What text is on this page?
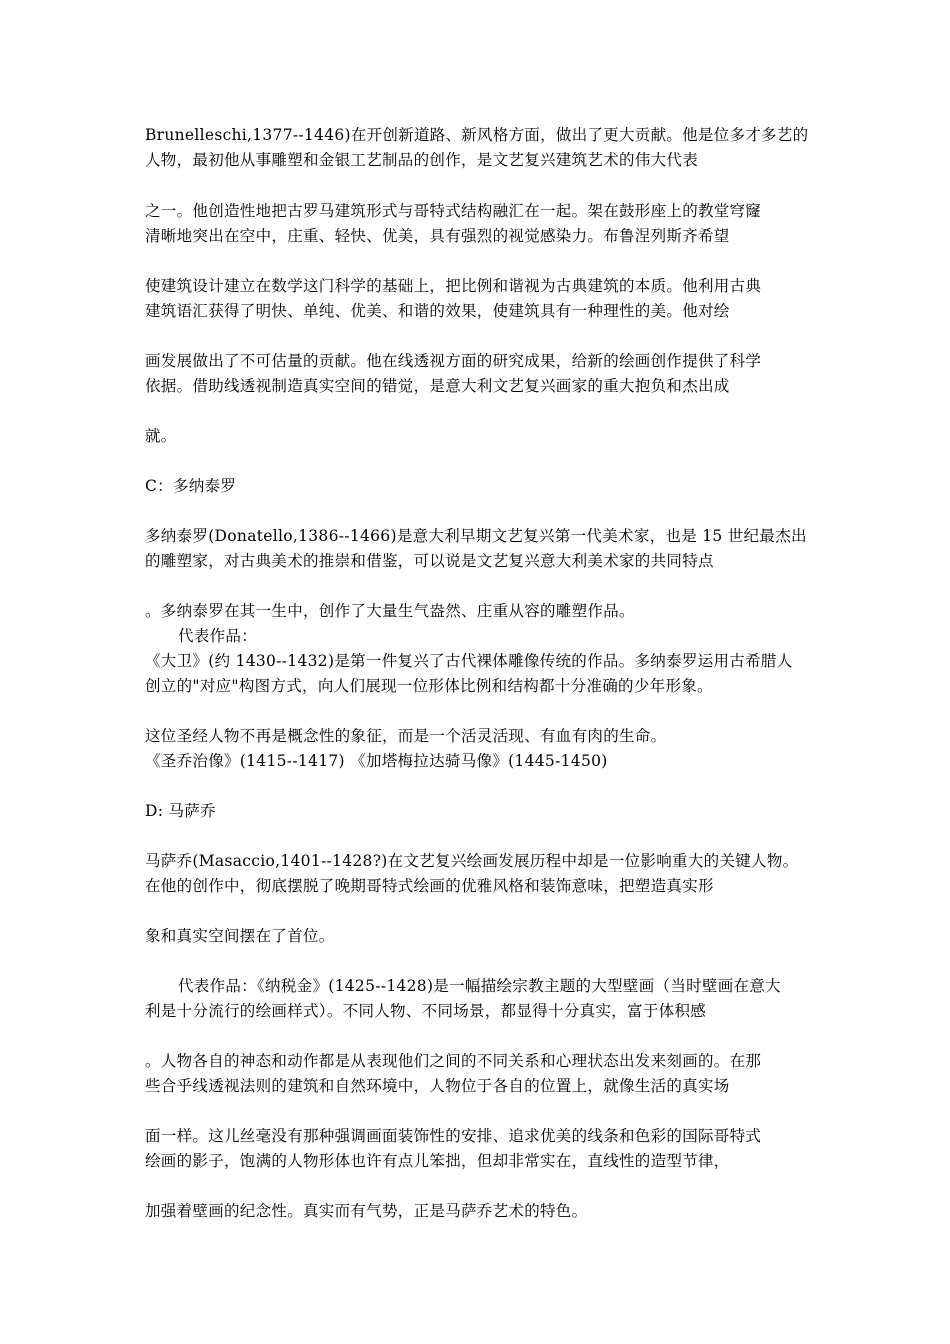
Brunelleschi,1377--1446)在开创新道路、新风格方面，做出了更大贡献。他是位多才多艺的
人物，最初他从事雕塑和金银工艺制品的创作，是文艺复兴建筑艺术的伟大代表
之一。他创造性地把古罗马建筑形式与哥特式结构融汇在一起。架在鼓形座上的教堂穹窿
清晰地突出在空中，庄重、轻快、优美，具有强烈的视觉感染力。布鲁涅列斯齐希望
使建筑设计建立在数学这门科学的基础上，把比例和谐视为古典建筑的本质。他利用古典
建筑语汇获得了明快、单纯、优美、和谐的效果，使建筑具有一种理性的美。他对绘
画发展做出了不可估量的贡献。他在线透视方面的研究成果，给新的绘画创作提供了科学
依据。借助线透视制造真实空间的错觉，是意大利文艺复兴画家的重大抱负和杰出成
就。
C：多纳泰罗
多纳泰罗(Donatello,1386--1466)是意大利早期文艺复兴第一代美术家，也是 15 世纪最杰出
的雕塑家，对古典美术的推崇和借鉴，可以说是文艺复兴意大利美术家的共同特点
。多纳泰罗在其一生中，创作了大量生气盎然、庄重从容的雕塑作品。
代表作品：
《大卫》(约 1430--1432)是第一件复兴了古代裸体雕像传统的作品。多纳泰罗运用古希腊人
创立的"对应"构图方式，向人们展现一位形体比例和结构都十分准确的少年形象。
这位圣经人物不再是概念性的象征，而是一个活灵活现、有血有肉的生命。
《圣乔治像》(1415--1417) 《加塔梅拉达骑马像》(1445-1450)
D: 马萨乔
马萨乔(Masaccio,1401--1428?)在文艺复兴绘画发展历程中却是一位影响重大的关键人物。
在他的创作中，彻底摆脱了晚期哥特式绘画的优雅风格和装饰意味，把塑造真实形
象和真实空间摆在了首位。
代表作品：《纳税金》(1425--1428)是一幅描绘宗教主题的大型壁画（当时壁画在意大
利是十分流行的绘画样式）。不同人物、不同场景，都显得十分真实，富于体积感
。人物各自的神态和动作都是从表现他们之间的不同关系和心理状态出发来刻画的。在那
些合乎线透视法则的建筑和自然环境中，人物位于各自的位置上，就像生活的真实场
面一样。这儿丝毫没有那种强调画面装饰性的安排、追求优美的线条和色彩的国际哥特式
绘画的影子，饱满的人物形体也许有点儿笨拙，但却非常实在，直线性的造型节律，
加强着壁画的纪念性。真实而有气势，正是马萨乔艺术的特色。
